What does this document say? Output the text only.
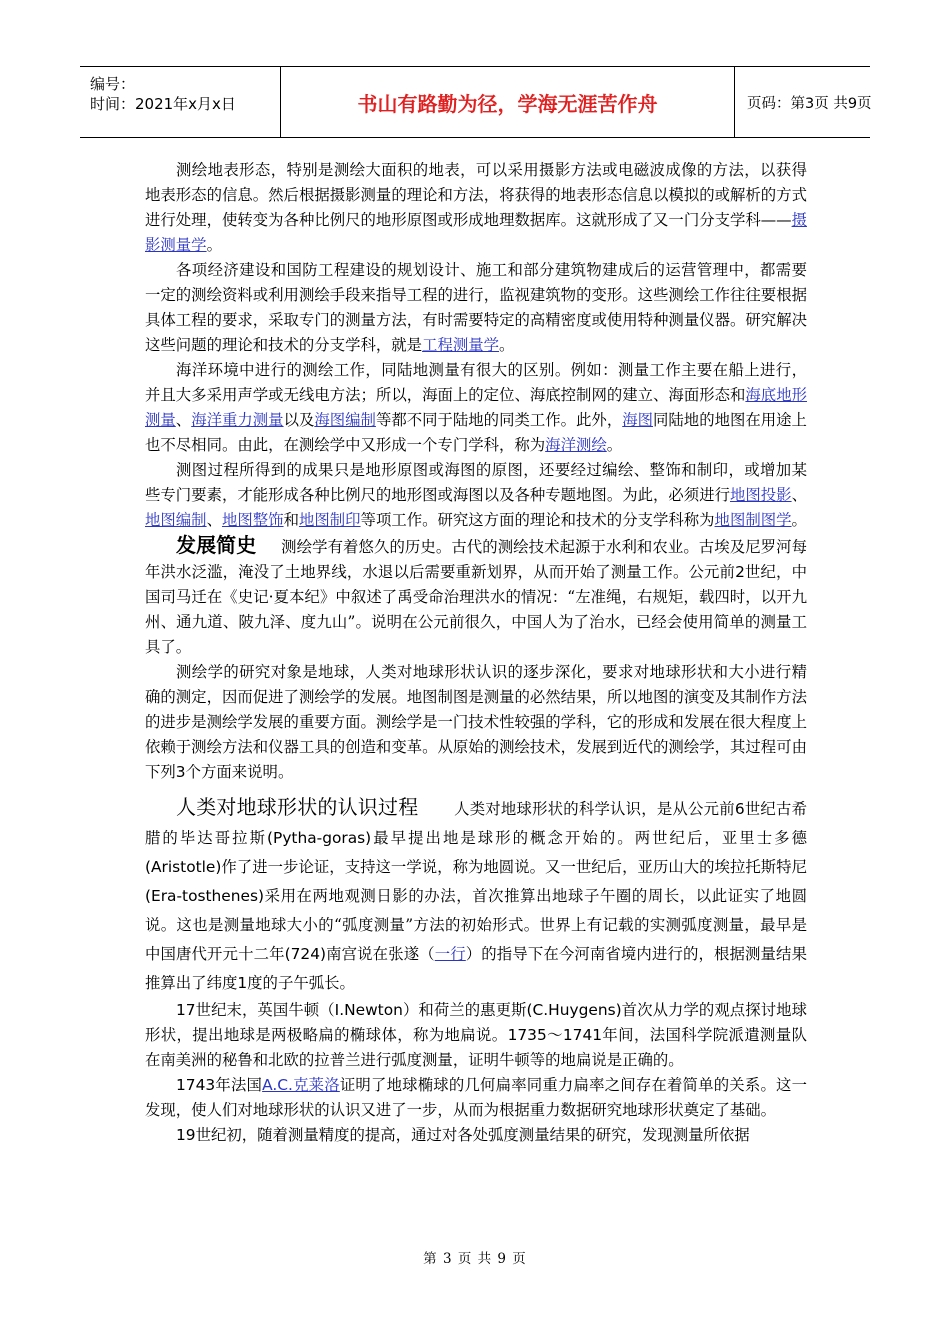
编号：
时间：2021年x月x日	书山有路勤为径，学海无涯苦作舟	页码：第3页 共9页

测绘地表形态，特别是测绘大面积的地表，可以采用摄影方法或电磁波成像的方法，以获得地表形态的信息。然后根据摄影测量的理论和方法，将获得的地表形态信息以模拟的或解析的方式进行处理，使转变为各种比例尺的地形原图或形成地理数据库。这就形成了又一门分支学科——摄影测量学。

各项经济建设和国防工程建设的规划设计、施工和部分建筑物建成后的运营管理中，都需要一定的测绘资料或利用测绘手段来指导工程的进行，监视建筑物的变形。这些测绘工作往往要根据具体工程的要求，采取专门的测量方法，有时需要特定的高精密度或使用特种测量仪器。研究解决这些问题的理论和技术的分支学科，就是工程测量学。

海洋环境中进行的测绘工作，同陆地测量有很大的区别。例如：测量工作主要在船上进行，并且大多采用声学或无线电方法；所以，海面上的定位、海底控制网的建立、海面形态和海底地形测量、海洋重力测量以及海图编制等都不同于陆地的同类工作。此外，海图同陆地的地图在用途上也不尽相同。由此，在测绘学中又形成一个专门学科，称为海洋测绘。

测图过程所得到的成果只是地形原图或海图的原图，还要经过编绘、整饰和制印，或增加某些专门要素，才能形成各种比例尺的地形图或海图以及各种专题地图。为此，必须进行地图投影、地图编制、地图整饰和地图制印等项工作。研究这方面的理论和技术的分支学科称为地图制图学。

发展简史 测绘学有着悠久的历史。古代的测绘技术起源于水利和农业。古埃及尼罗河每年洪水泛滥，淹没了土地界线，水退以后需要重新划界，从而开始了测量工作。公元前2世纪，中国司马迁在《史记·夏本纪》中叙述了禹受命治理洪水的情况：“左准绳，右规矩，载四时，以开九州、通九道、陂九泽、度九山”。说明在公元前很久，中国人为了治水，已经会使用简单的测量工具了。

测绘学的研究对象是地球，人类对地球形状认识的逐步深化，要求对地球形状和大小进行精确的测定，因而促进了测绘学的发展。地图制图是测量的必然结果，所以地图的演变及其制作方法的进步是测绘学发展的重要方面。测绘学是一门技术性较强的学科，它的形成和发展在很大程度上依赖于测绘方法和仪器工具的创造和变革。从原始的测绘技术，发展到近代的测绘学，其过程可由下列3个方面来说明。

人类对地球形状的认识过程 人类对地球形状的科学认识，是从公元前6世纪古希腊的毕达哥拉斯(Pytha-goras)最早提出地是球形的概念开始的。两世纪后，亚里士多德(Aristotle)作了进一步论证，支持这一学说，称为地圆说。又一世纪后，亚历山大的埃拉托斯特尼 (Era-tosthenes)采用在两地观测日影的办法，首次推算出地球子午圈的周长，以此证实了地圆说。这也是测量地球大小的“弧度测量”方法的初始形式。世界上有记载的实测弧度测量，最早是中国唐代开元十二年(724)南宫说在张遂（一行）的指导下在今河南省境内进行的，根据测量结果推算出了纬度1度的子午弧长。

17世纪末，英国牛顿（I.Newton）和荷兰的惠更斯(C.Huygens)首次从力学的观点探讨地球形状，提出地球是两极略扁的椭球体，称为地扁说。1735～1741年间，法国科学院派遣测量队在南美洲的秘鲁和北欧的拉普兰进行弧度测量，证明牛顿等的地扁说是正确的。

1743年法国A.C.克莱洛证明了地球椭球的几何扁率同重力扁率之间存在着简单的关系。这一发现，使人们对地球形状的认识又进了一步，从而为根据重力数据研究地球形状奠定了基础。

19世纪初，随着测量精度的提高，通过对各处弧度测量结果的研究，发现测量所依据

第 3 页 共 9 页
